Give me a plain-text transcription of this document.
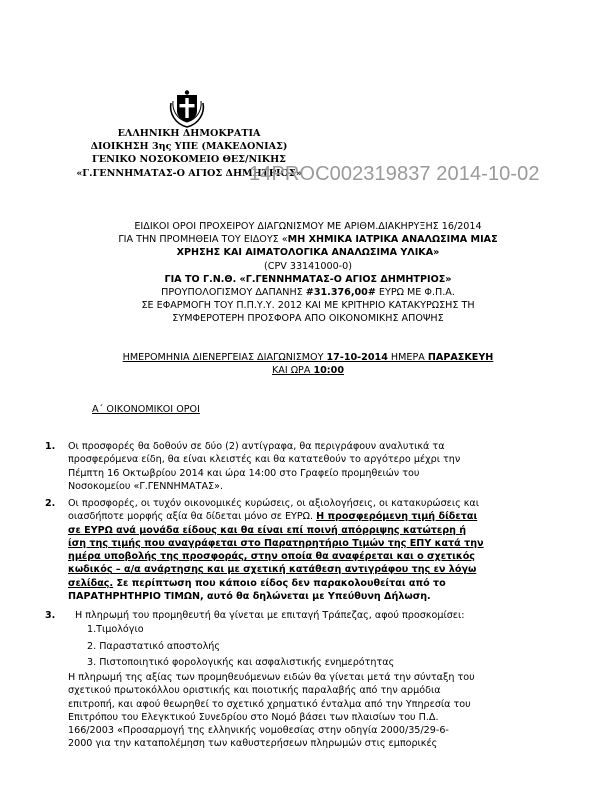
ΕΛΛΗΝΙΚΗ ΔΗΜΟΚΡΑΤΙΑ
ΔΙΟΙΚΗΣΗ 3ης ΥΠΕ (ΜΑΚΕΔΟΝΙΑΣ)
ΓΕΝΙΚΟ ΝΟΣΟΚΟΜΕΙΟ ΘΕΣ/ΝΙΚΗΣ
«Γ.ΓΕΝΝΗΜΑΤΑΣ-Ο ΑΓΙΟΣ ΔΗΜΗΤΡΙΟΣ»
14PROC002319837 2014-10-02
ΕΙΔΙΚΟΙ ΟΡΟΙ ΠΡΟΧΕΙΡΟΥ ΔΙΑΓΩΝΙΣΜΟΥ ΜΕ ΑΡΙΘΜ.ΔΙΑΚΗΡΥΞΗΣ 16/2014
ΓΙΑ ΤΗΝ ΠΡΟΜΗΘΕΙΑ ΤΟΥ ΕΙΔΟΥΣ «ΜΗ ΧΗΜΙΚΑ ΙΑΤΡΙΚΑ ΑΝΑΛΩΣΙΜΑ ΜΙΑΣ
ΧΡΗΣΗΣ ΚΑΙ ΑΙΜΑΤΟΛΟΓΙΚΑ ΑΝΑΛΩΣΙΜΑ ΥΛΙΚΑ»
(CPV 33141000-0)
ΓΙΑ ΤΟ Γ.Ν.Θ. «Γ.ΓΕΝΝΗΜΑΤΑΣ-Ο ΑΓΙΟΣ ΔΗΜΗΤΡΙΟΣ»
ΠΡΟΥΠΟΛΟΓΙΣΜΟΥ ΔΑΠΑΝΗΣ #31.376,00# ΕΥΡΩ ΜΕ Φ.Π.Α.
ΣΕ ΕΦΑΡΜΟΓΗ ΤΟΥ Π.Π.Υ.Υ. 2012 ΚΑΙ ΜΕ ΚΡΙΤΗΡΙΟ ΚΑΤΑΚΥΡΩΣΗΣ ΤΗ
ΣΥΜΦΕΡΟΤΕΡΗ ΠΡΟΣΦΟΡΑ ΑΠΟ ΟΙΚΟΝΟΜΙΚΗΣ ΑΠΟΨΗΣ
ΗΜΕΡΟΜΗΝΙΑ ΔΙΕΝΕΡΓΕΙΑΣ ΔΙΑΓΩΝΙΣΜΟΥ 17-10-2014 ΗΜΕΡΑ ΠΑΡΑΣΚΕΥΗ
ΚΑΙ ΩΡΑ 10:00
Α΄ ΟΙΚΟΝΟΜΙΚΟΙ ΟΡΟΙ
1. Οι προσφορές θα δοθούν σε δύο (2) αντίγραφα, θα περιγράφουν αναλυτικά τα
προσφερόμενα είδη, θα είναι κλειστές και θα κατατεθούν το αργότερο μέχρι την
Πέμπτη 16 Οκτωβρίου 2014 και ώρα 14:00 στο Γραφείο προμηθειών του
Νοσοκομείου «Γ.ΓΕΝΝΗΜΑΤΑΣ».
2. Οι προσφορές, οι τυχόν οικονομικές κυρώσεις, οι αξιολογήσεις, οι κατακυρώσεις και
οιασδήποτε μορφής αξία θα δίδεται μόνο σε ΕΥΡΩ. Η προσφερόμενη τιμή δίδεται
σε ΕΥΡΩ ανά μονάδα είδους και θα είναι επί ποινή απόρριψης κατώτερη ή
ίση της τιμής που αναγράφεται στο Παρατηρητήριο Τιμών της ΕΠΥ κατά την
ημέρα υποβολής της προσφοράς, στην οποία θα αναφέρεται και ο σχετικός
κωδικός – α/α ανάρτησης και με σχετική κατάθεση αντιγράφου της εν λόγω
σελίδας. Σε περίπτωση που κάποιο είδος δεν παρακολουθείται από το
ΠΑΡΑΤΗΡΗΤΗΡΙΟ ΤΙΜΩΝ, αυτό θα δηλώνεται με Υπεύθυνη Δήλωση.
3. Η πληρωμή του προμηθευτή θα γίνεται με επιταγή Τράπεζας, αφού προσκομίσει:
1.Τιμολόγιο
2. Παραστατικό αποστολής
3. Πιστοποιητικό φορολογικής και ασφαλιστικής ενημερότητας
Η πληρωμή της αξίας των προμηθευόμενων ειδών θα γίνεται μετά την σύνταξη του
σχετικού πρωτοκόλλου οριστικής και ποιοτικής παραλαβής από την αρμόδια
επιτροπή, και αφού θεωρηθεί το σχετικό χρηματικό ένταλμα από την Υπηρεσία του
Επιτρόπου του Ελεγκτικού Συνεδρίου στο Νομό βάσει των πλαισίων του Π.Δ.
166/2003 «Προσαρμογή της ελληνικής νομοθεσίας στην οδηγία 2000/35/29-6-
2000 για την καταπολέμηση των καθυστερήσεων πληρωμών στις εμπορικές
